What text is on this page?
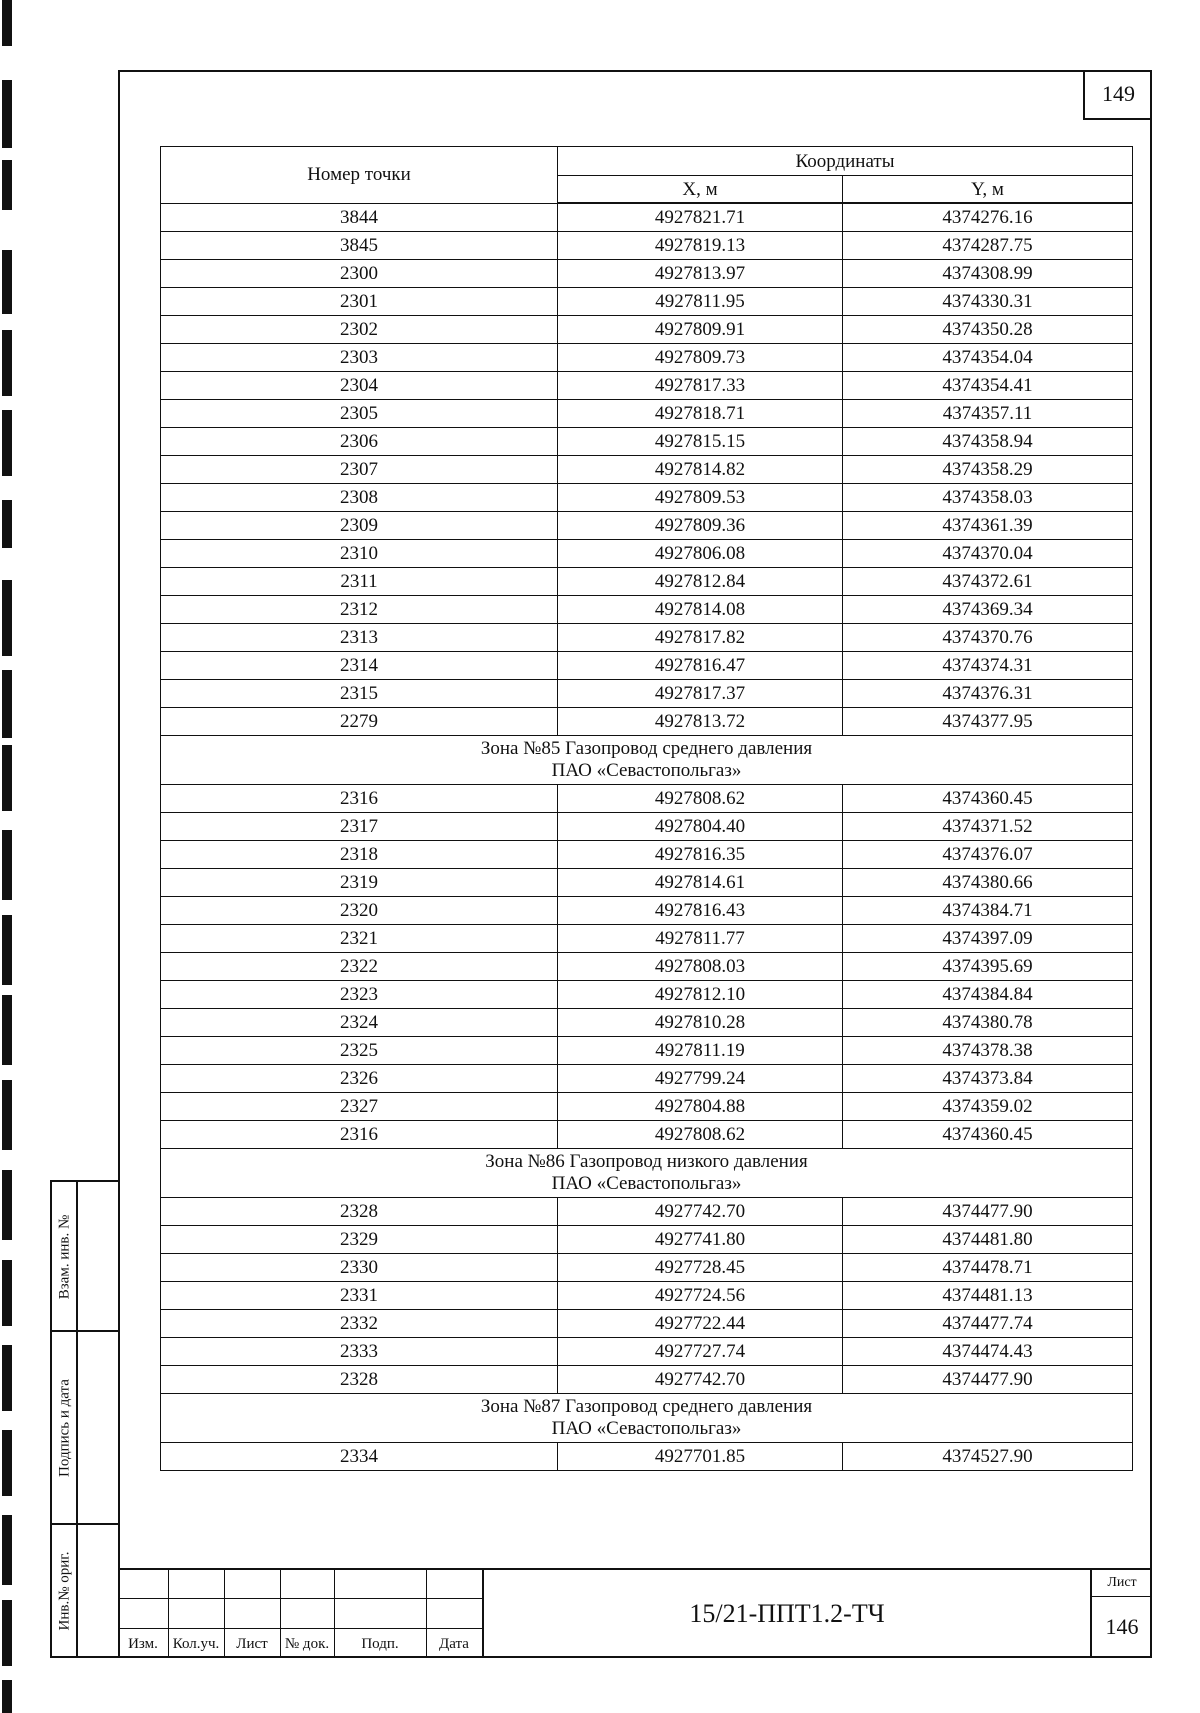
149
Номер точки	Координаты	
	X, м	Y, м
3844	4927821.71	4374276.16
3845	4927819.13	4374287.75
2300	4927813.97	4374308.99
2301	4927811.95	4374330.31
2302	4927809.91	4374350.28
2303	4927809.73	4374354.04
2304	4927817.33	4374354.41
2305	4927818.71	4374357.11
2306	4927815.15	4374358.94
2307	4927814.82	4374358.29
2308	4927809.53	4374358.03
2309	4927809.36	4374361.39
2310	4927806.08	4374370.04
2311	4927812.84	4374372.61
2312	4927814.08	4374369.34
2313	4927817.82	4374370.76
2314	4927816.47	4374374.31
2315	4927817.37	4374376.31
2279	4927813.72	4374377.95

Зона №85 Газопровод среднего давления
ПАО «Севастопольгаз»		

2316	4927808.62	4374360.45
2317	4927804.40	4374371.52
2318	4927816.35	4374376.07
2319	4927814.61	4374380.66
2320	4927816.43	4374384.71
2321	4927811.77	4374397.09
2322	4927808.03	4374395.69
2323	4927812.10	4374384.84
2324	4927810.28	4374380.78
2325	4927811.19	4374378.38
2326	4927799.24	4374373.84
2327	4927804.88	4374359.02
2316	4927808.62	4374360.45

Зона №86 Газопровод низкого давления
ПАО «Севастопольгаз»		

2328	4927742.70	4374477.90
2329	4927741.80	4374481.80
2330	4927728.45	4374478.71
2331	4927724.56	4374481.13
2332	4927722.44	4374477.74
2333	4927727.74	4374474.43
2328	4927742.70	4374477.90

Зона №87 Газопровод среднего давления
ПАО «Севастопольгаз»		

2334	4927701.85	4374527.90
Взам. инв. №
Подпись и дата
Инв.№ ориг.
Изм. Кол.уч.	Лист	№ док.	Подп.	Дата
15/21-ППТ1.2-ТЧ
Лист
146
